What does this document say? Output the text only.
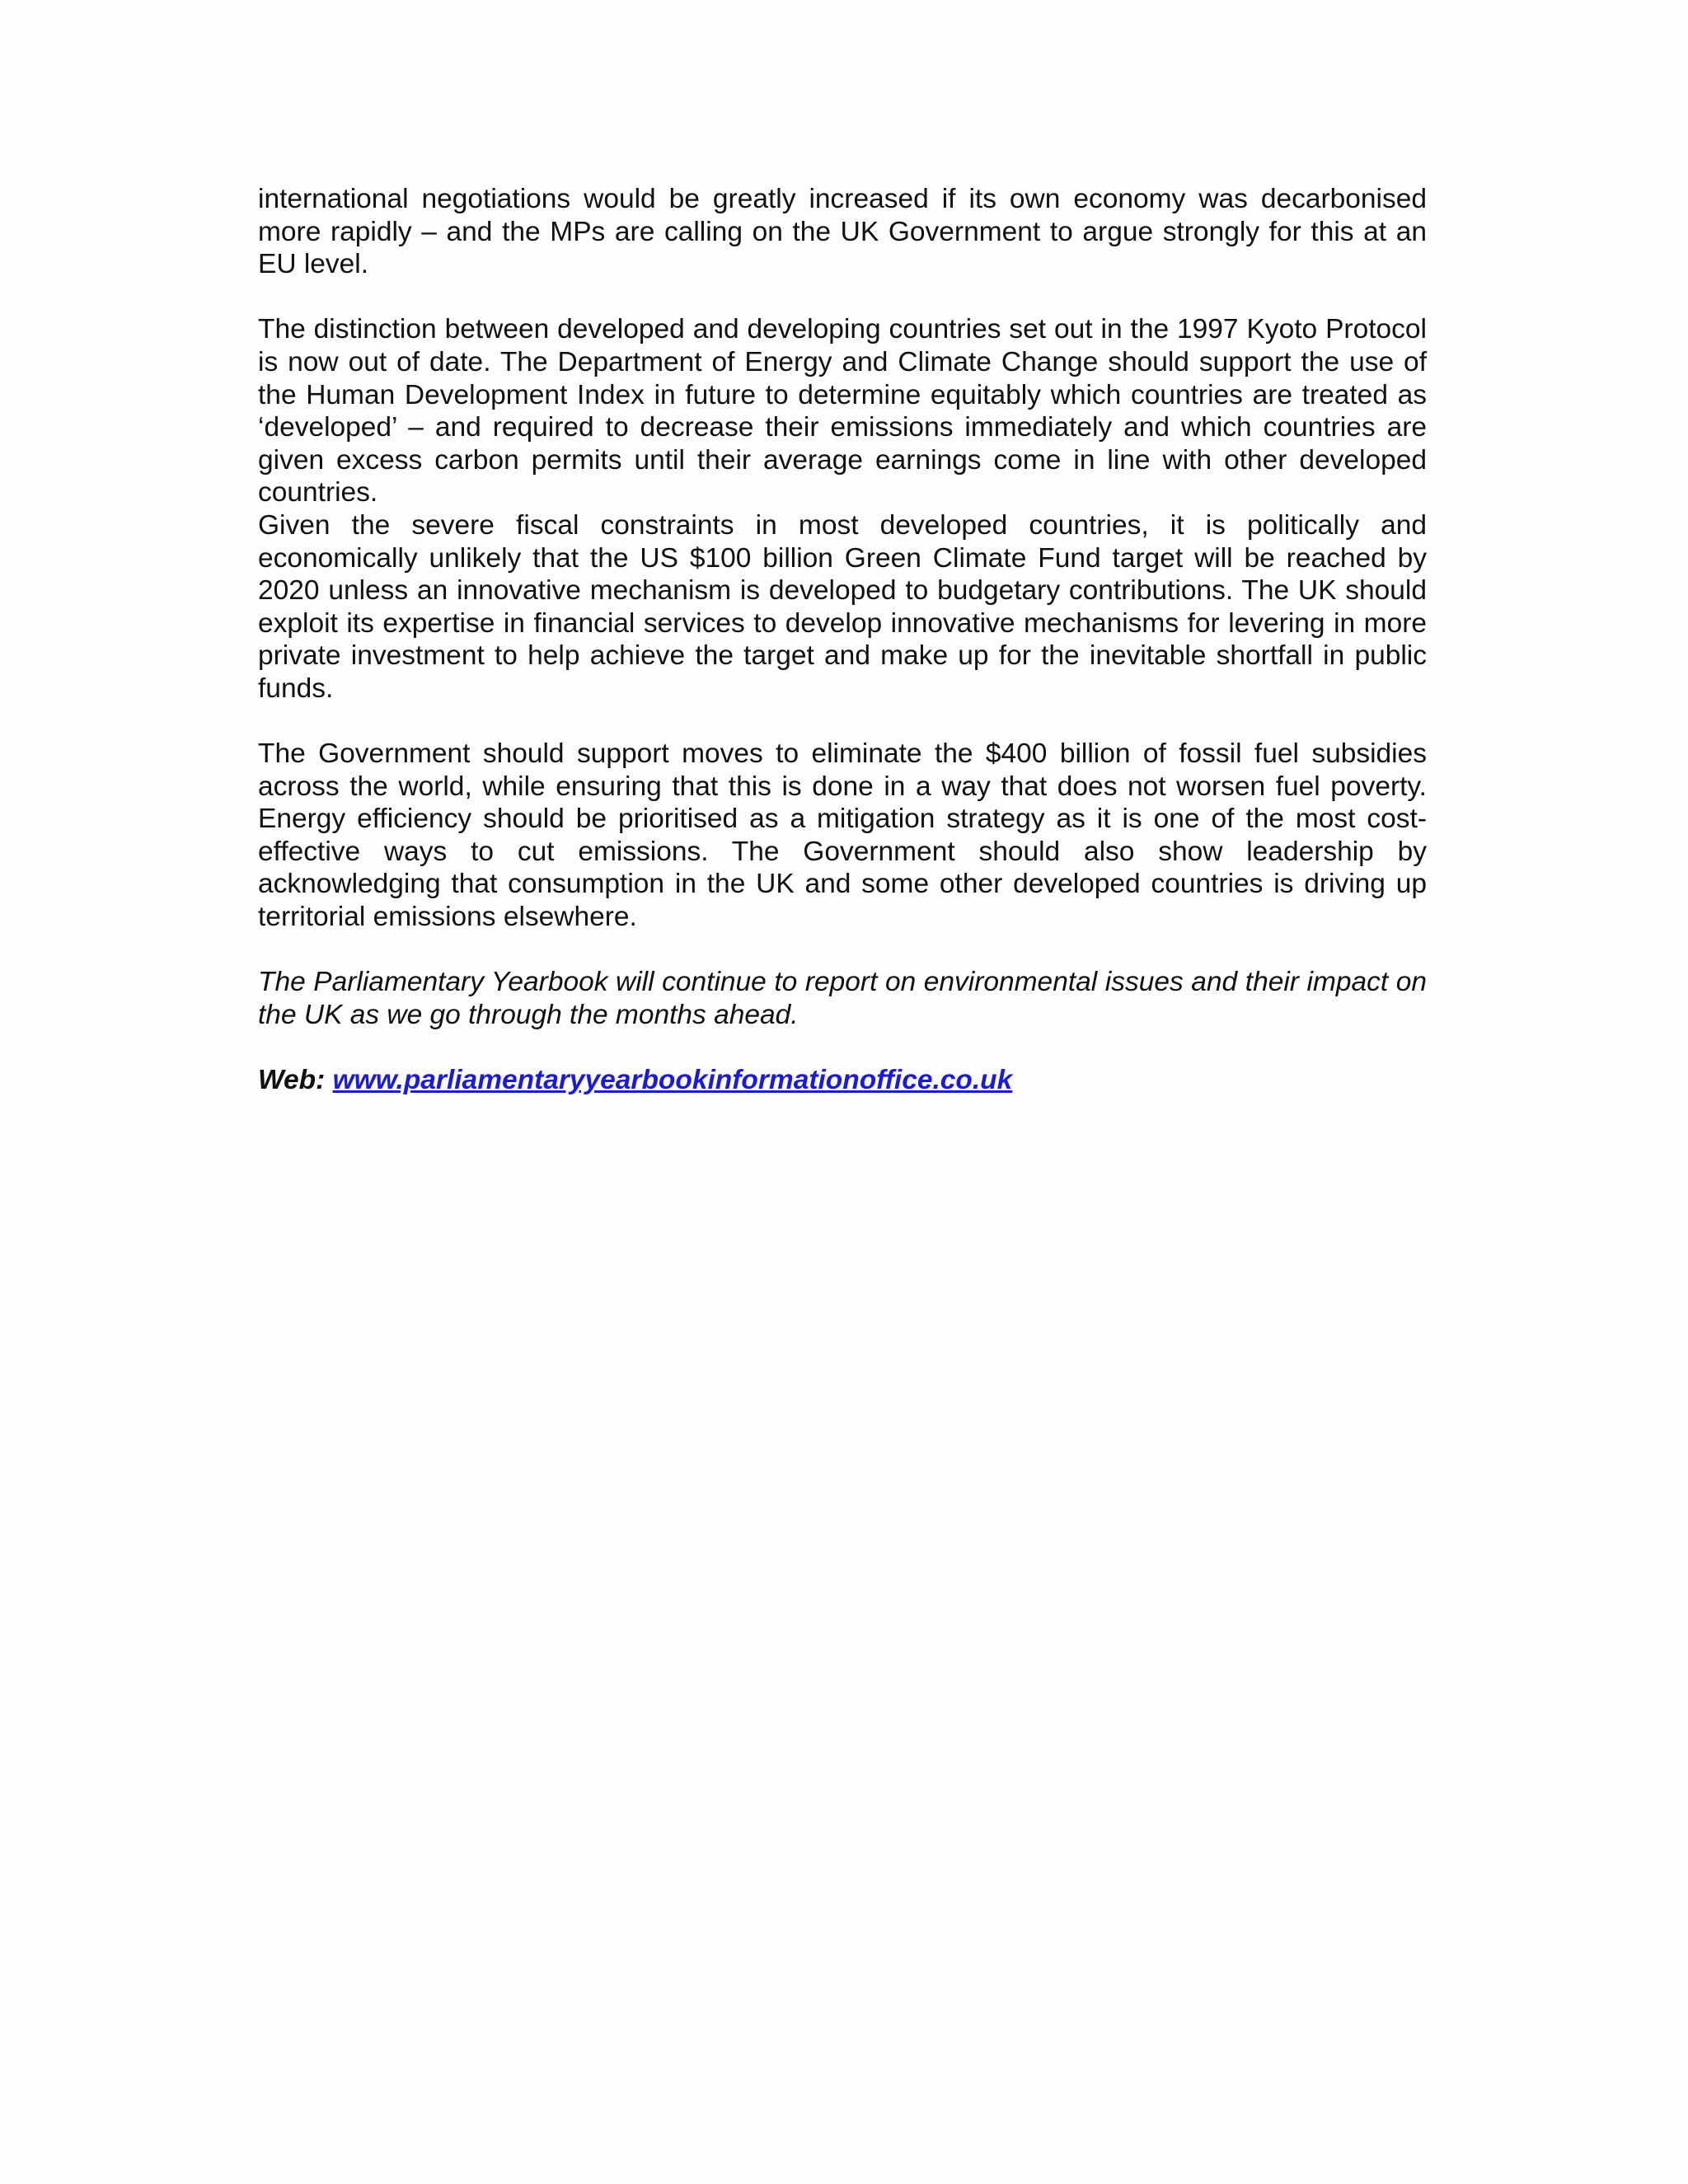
international negotiations would be greatly increased if its own economy was decarbonised more rapidly – and the MPs are calling on the UK Government to argue strongly for this at an EU level.

The distinction between developed and developing countries set out in the 1997 Kyoto Protocol is now out of date. The Department of Energy and Climate Change should support the use of the Human Development Index in future to determine equitably which countries are treated as ‘developed’ – and required to decrease their emissions immediately and which countries are given excess carbon permits until their average earnings come in line with other developed countries.

Given the severe fiscal constraints in most developed countries, it is politically and economically unlikely that the US $100 billion Green Climate Fund target will be reached by 2020 unless an innovative mechanism is developed to budgetary contributions. The UK should exploit its expertise in financial services to develop innovative mechanisms for levering in more private investment to help achieve the target and make up for the inevitable shortfall in public funds.

The Government should support moves to eliminate the $400 billion of fossil fuel subsidies across the world, while ensuring that this is done in a way that does not worsen fuel poverty. Energy efficiency should be prioritised as a mitigation strategy as it is one of the most cost-effective ways to cut emissions. The Government should also show leadership by acknowledging that consumption in the UK and some other developed countries is driving up territorial emissions elsewhere.

The Parliamentary Yearbook will continue to report on environmental issues and their impact on the UK as we go through the months ahead.

Web: www.parliamentaryyearbookinformationoffice.co.uk
